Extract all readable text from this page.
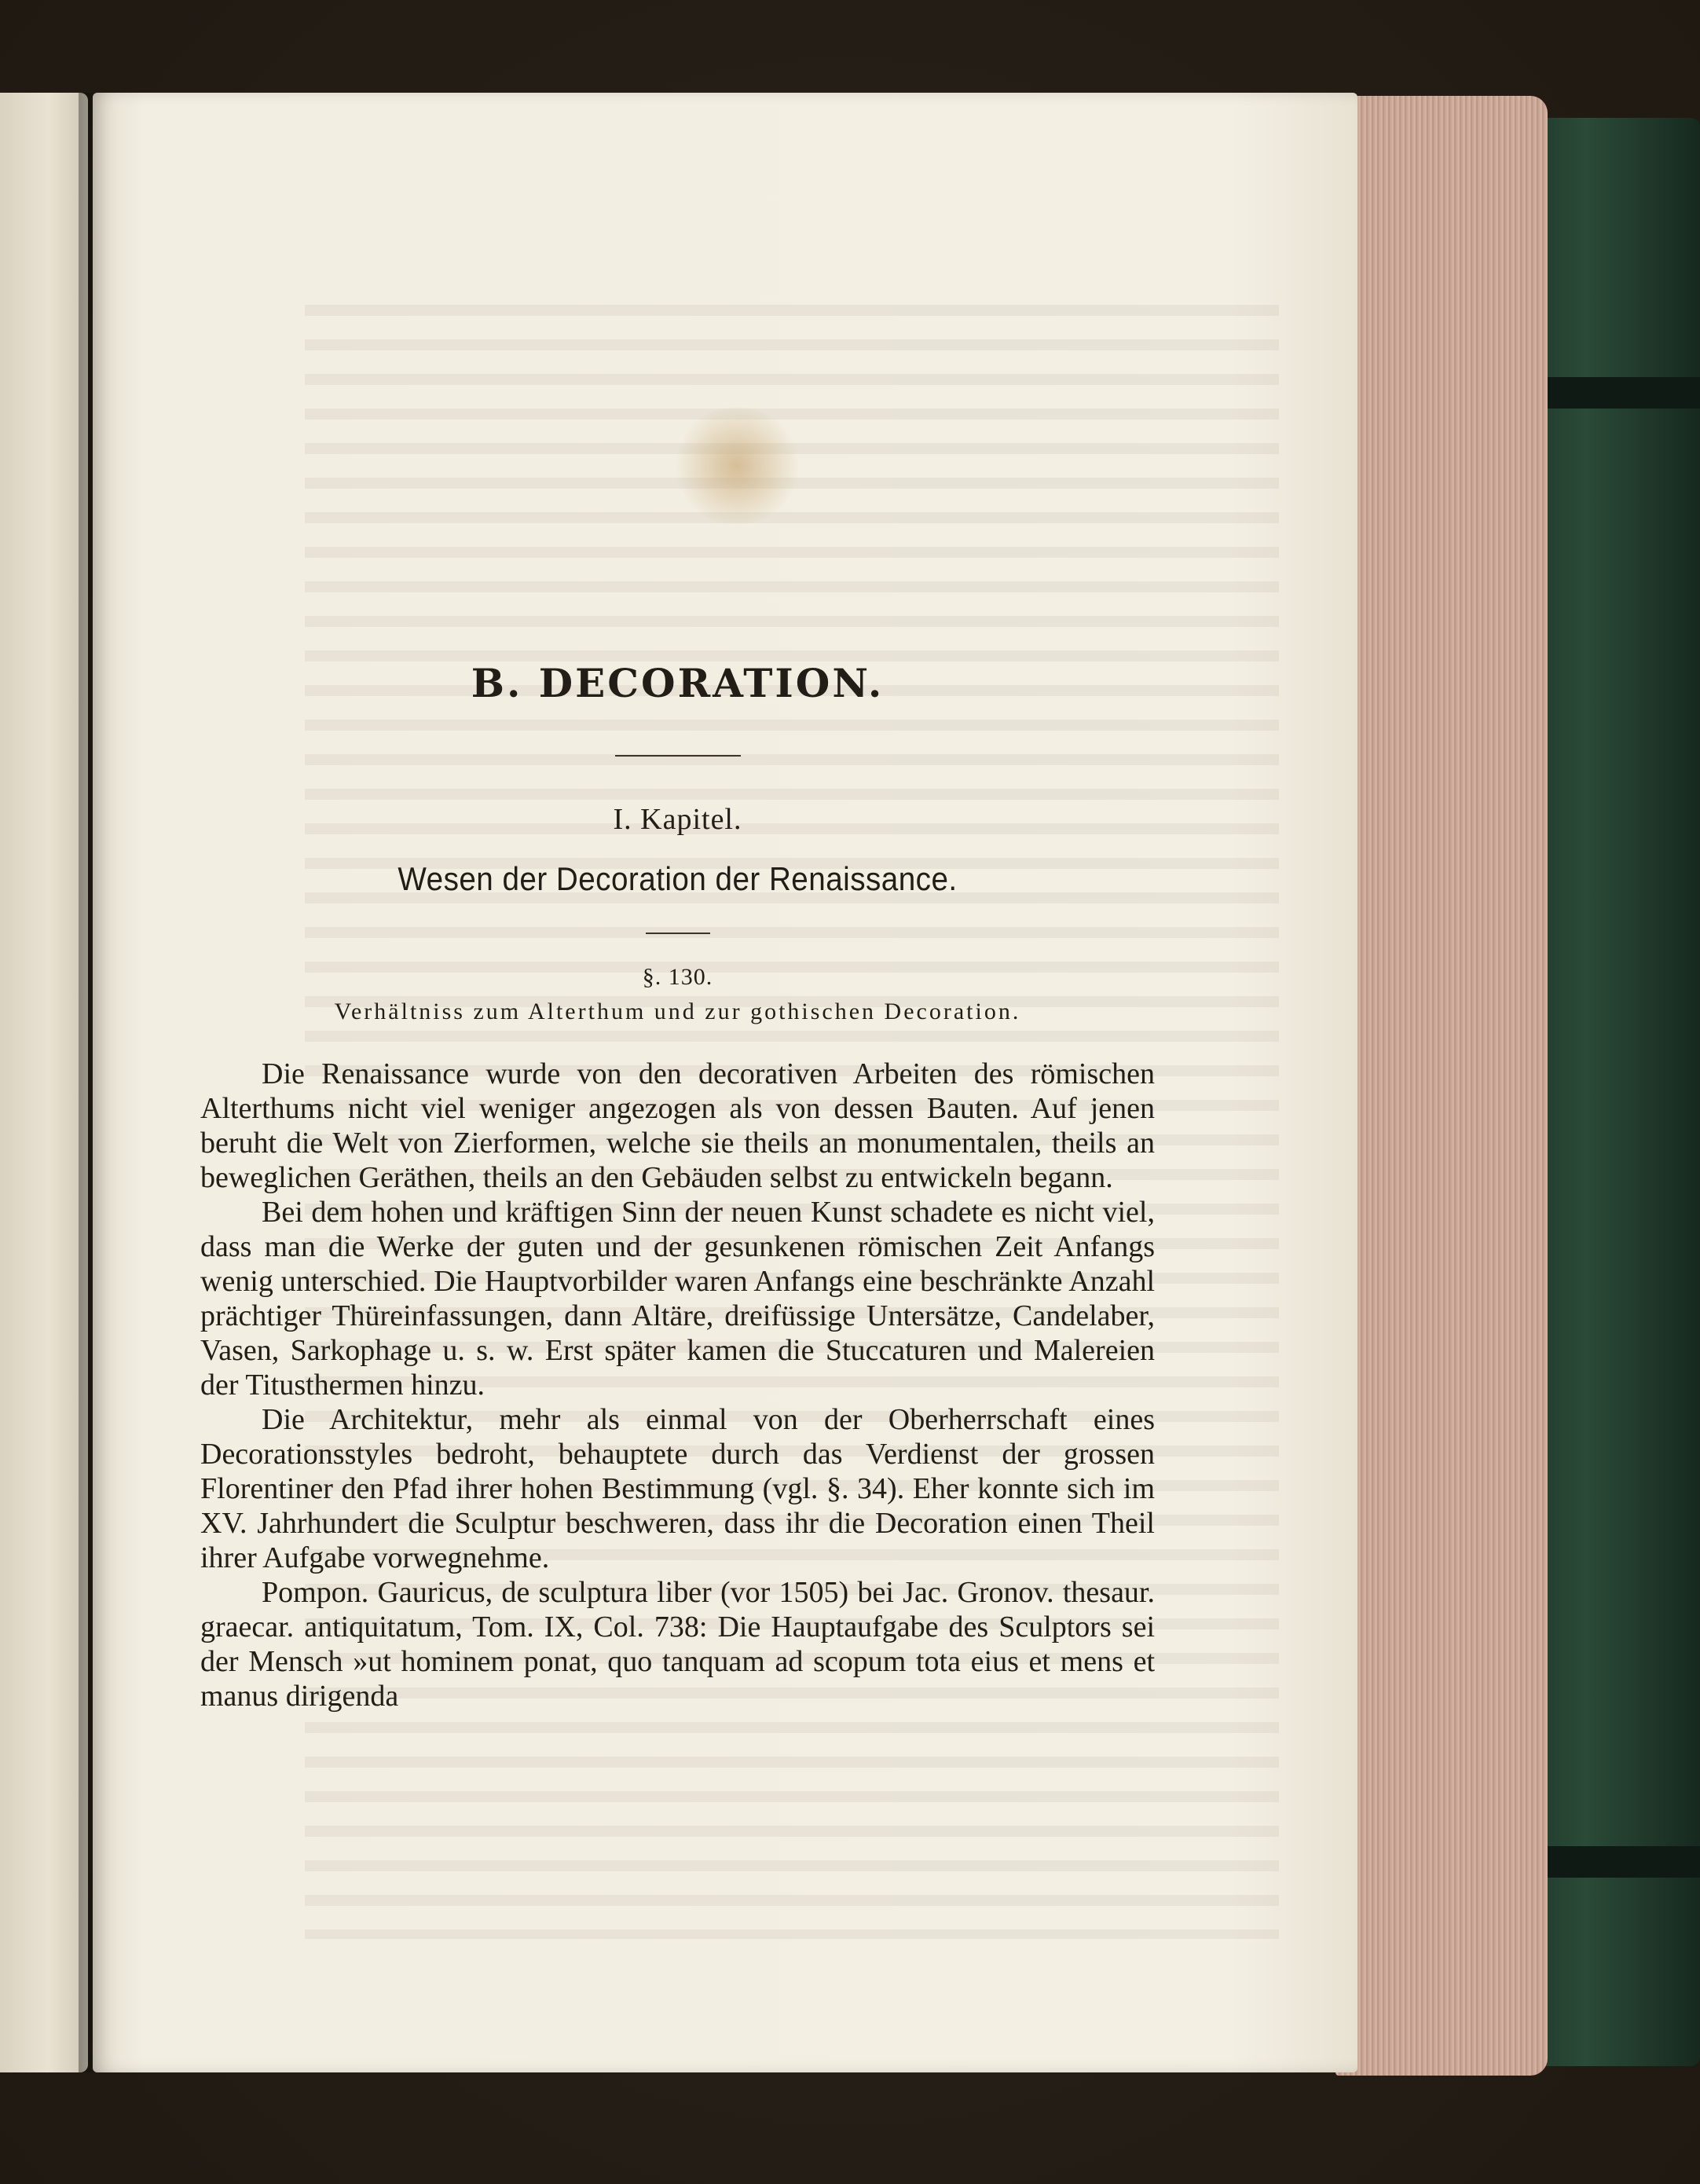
B. DECORATION.
I. Kapitel.
Wesen der Decoration der Renaissance.
§. 130.
Verhältniss zum Alterthum und zur gothischen Decoration.

Die Renaissance wurde von den decorativen Arbeiten des römischen Alterthums nicht viel weniger angezogen als von dessen Bauten. Auf jenen beruht die Welt von Zierformen, welche sie theils an monumentalen, theils an beweglichen Geräthen, theils an den Gebäuden selbst zu entwickeln begann.

Bei dem hohen und kräftigen Sinn der neuen Kunst schadete es nicht viel, dass man die Werke der guten und der gesunkenen römischen Zeit Anfangs wenig unterschied. Die Hauptvorbilder waren Anfangs eine beschränkte Anzahl prächtiger Thüreinfassungen, dann Altäre, dreifüssige Untersätze, Candelaber, Vasen, Sarkophage u. s. w. Erst später kamen die Stuccaturen und Malereien der Titusthermen hinzu.

Die Architektur, mehr als einmal von der Oberherrschaft eines Decorationsstyles bedroht, behauptete durch das Verdienst der grossen Florentiner den Pfad ihrer hohen Bestimmung (vgl. §. 34). Eher konnte sich im XV. Jahrhundert die Sculptur beschweren, dass ihr die Decoration einen Theil ihrer Aufgabe vorwegnehme.

Pompon. Gauricus, de sculptura liber (vor 1505) bei Jac. Gronov. thesaur. graecar. antiquitatum, Tom. IX, Col. 738: Die Hauptaufgabe des Sculptors sei der Mensch »ut hominem ponat, quo tanquam ad scopum tota eius et mens et manus dirigenda
